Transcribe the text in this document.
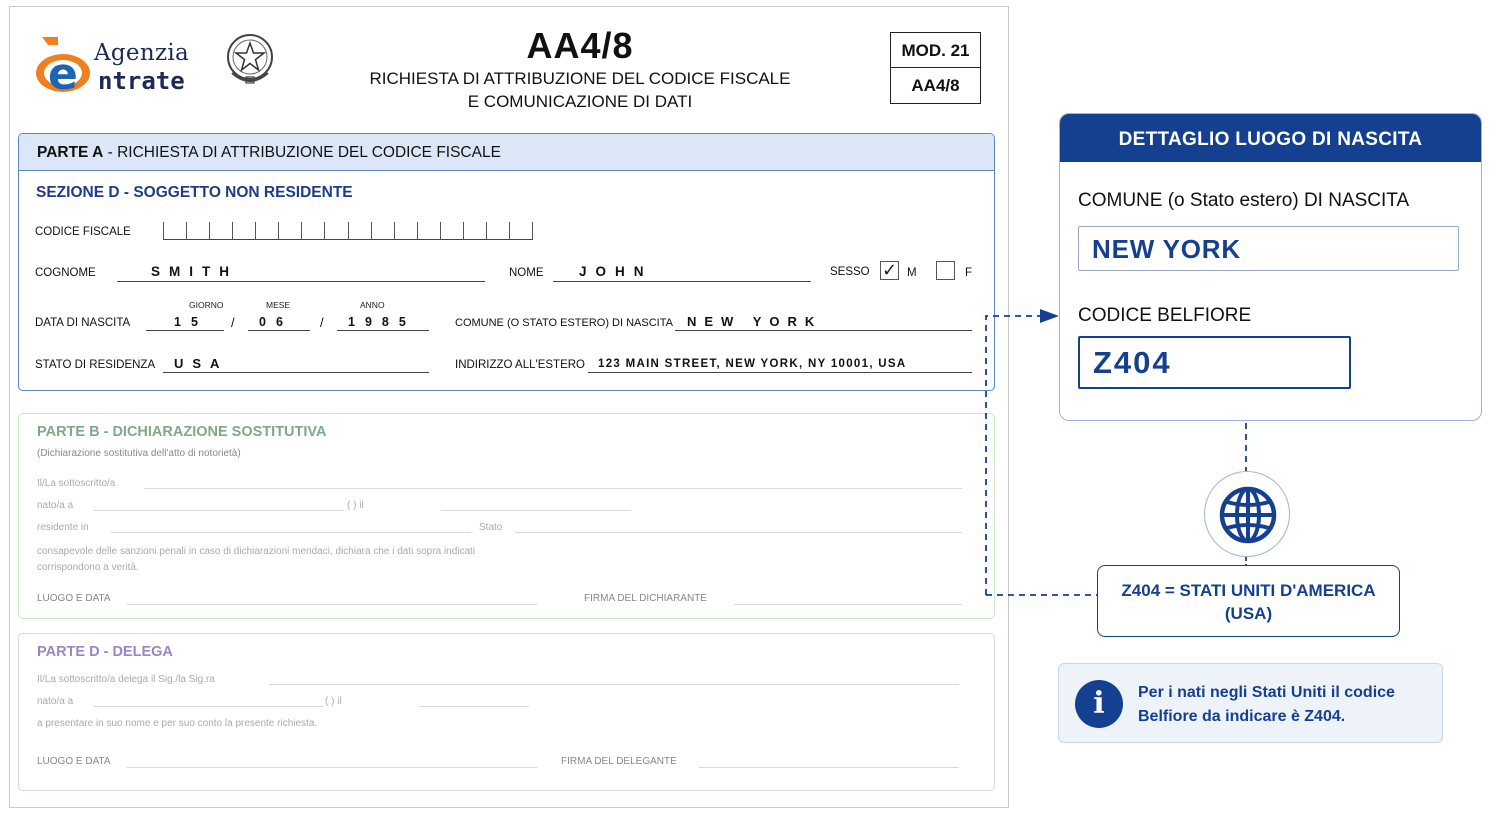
e Agenzia
ntrate
AA4/8
RICHIESTA DI ATTRIBUZIONE DEL CODICE FISCALE
E COMUNICAZIONE DI DATI
MOD. 21
AA4/8
PARTE A - RICHIESTA DI ATTRIBUZIONE DEL CODICE FISCALE
SEZIONE D - SOGGETTO NON RESIDENTE
CODICE FISCALE
COGNOME	SMITH	NOME	JOHN	SESSO ✓ M	F
GIORNO	MESE	ANNO
DATA DI NASCITA	15 / 06 / 1985	COMUNE (O STATO ESTERO) DI NASCITA NEW YORK
STATO DI RESIDENZA USA	INDIRIZZO ALL'ESTERO 123 MAIN STREET, NEW YORK, NY 10001, USA
PARTE B - DICHIARAZIONE SOSTITUTIVA
(Dichiarazione sostitutiva dell'atto di notorietà)
Il/La sottoscritto/a
nato/a a	( ) il
residente in	Stato
consapevole delle sanzioni penali in caso di dichiarazioni mendaci, dichiara che i dati sopra indicati
corrispondono a verità.
LUOGO E DATA	FIRMA DEL DICHIARANTE
PARTE D - DELEGA
Il/La sottoscritto/a delega il Sig./la Sig.ra
nato/a a	( ) il
a presentare in suo nome e per suo conto la presente richiesta.
LUOGO E DATA	FIRMA DEL DELEGANTE
DETTAGLIO LUOGO DI NASCITA
COMUNE (o Stato estero) DI NASCITA
NEW YORK
CODICE BELFIORE
Z404
Z404 = STATI UNITI D'AMERICA
(USA)
i	Per i nati negli Stati Uniti il codice Belfiore da indicare è Z404.
